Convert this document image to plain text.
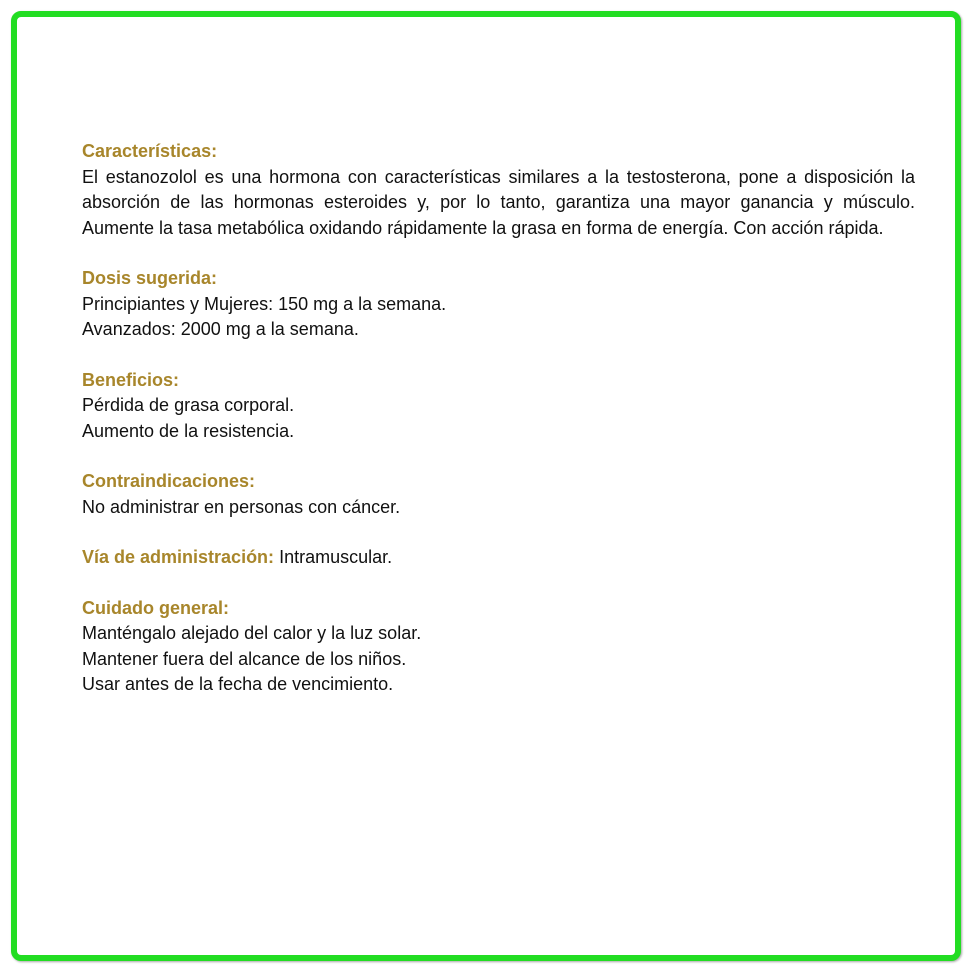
Características:

El estanozolol es una hormona con características similares a la testosterona, pone a disposición la absorción de las hormonas esteroides y, por lo tanto, garantiza una mayor ganancia y músculo. Aumente la tasa metabólica oxidando rápidamente la grasa en forma de energía. Con acción rápida.

Dosis sugerida:

Principiantes y Mujeres: 150 mg a la semana.

Avanzados: 2000 mg a la semana.

Beneficios:

Pérdida de grasa corporal.

Aumento de la resistencia.

Contraindicaciones:

No administrar en personas con cáncer.

Vía de administración: Intramuscular.

Cuidado general:

Manténgalo alejado del calor y la luz solar.

Mantener fuera del alcance de los niños.

Usar antes de la fecha de vencimiento.
